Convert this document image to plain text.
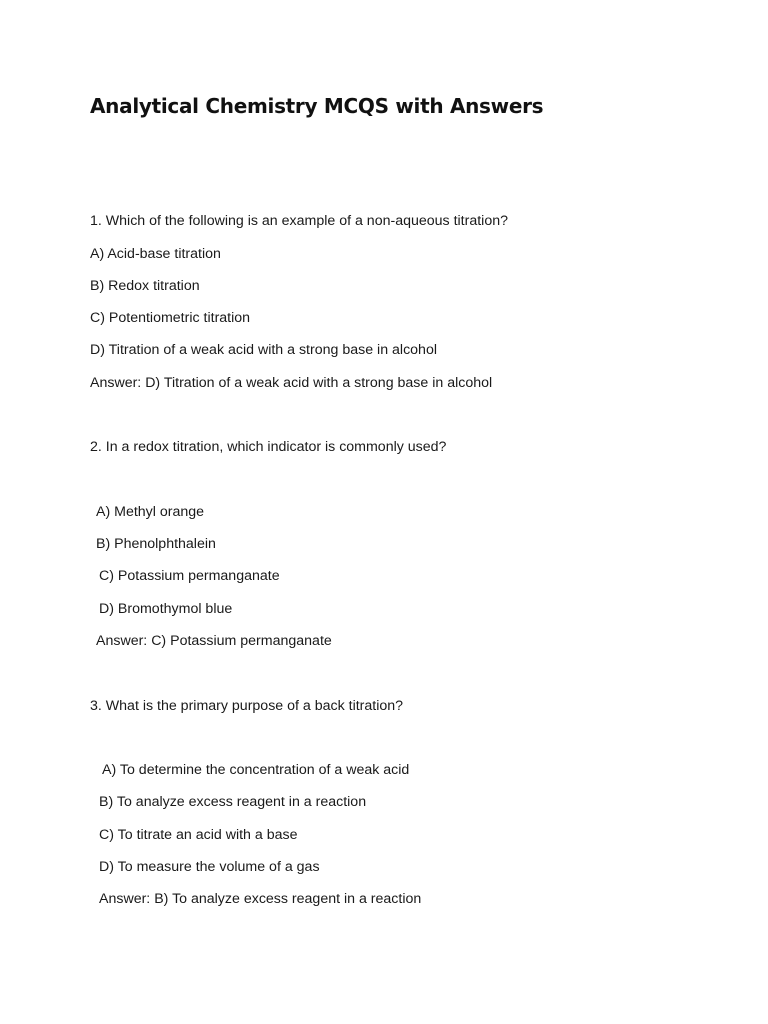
Analytical Chemistry MCQS with Answers
1. Which of the following is an example of a non-aqueous titration?
A) Acid-base titration
B) Redox titration
C) Potentiometric titration
D) Titration of a weak acid with a strong base in alcohol
Answer: D) Titration of a weak acid with a strong base in alcohol
2. In a redox titration, which indicator is commonly used?
A) Methyl orange
B) Phenolphthalein
C) Potassium permanganate
D) Bromothymol blue
Answer: C) Potassium permanganate
3. What is the primary purpose of a back titration?
A) To determine the concentration of a weak acid
B) To analyze excess reagent in a reaction
C) To titrate an acid with a base
D) To measure the volume of a gas
Answer: B) To analyze excess reagent in a reaction
